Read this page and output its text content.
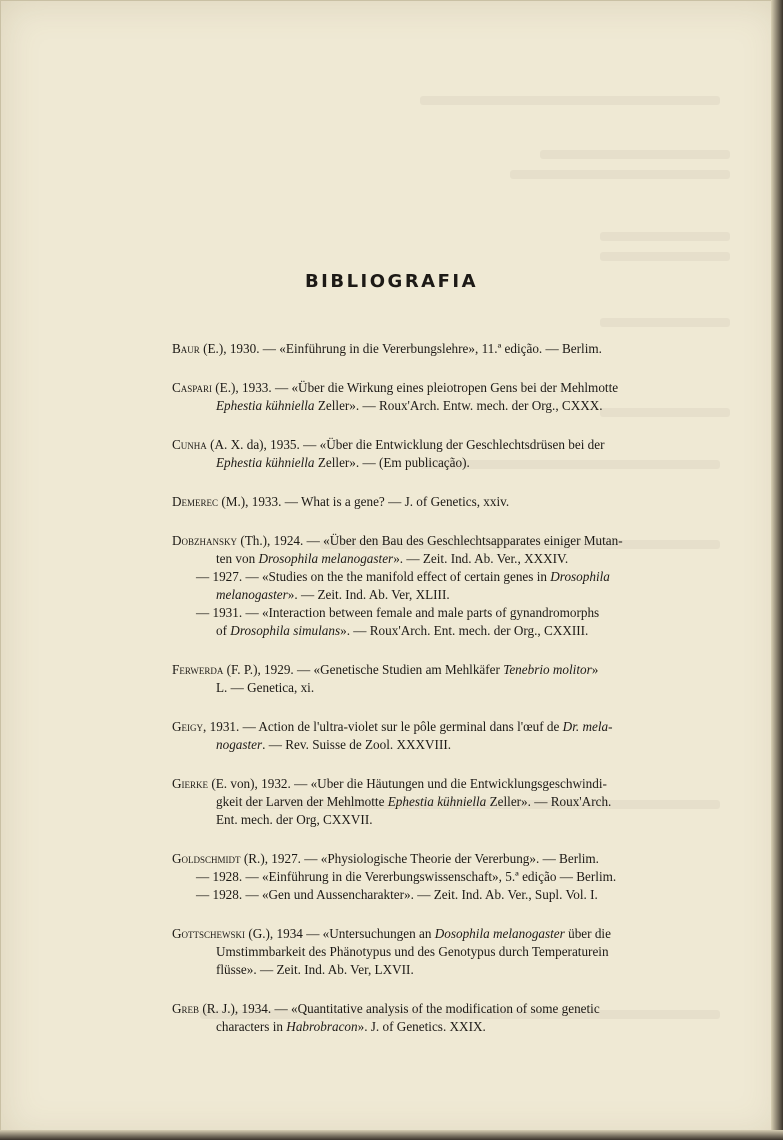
BIBLIOGRAFIA
Baur (E.), 1930. — «Einführung in die Vererbungslehre», 11.ª edição. — Berlim.
Caspari (E.), 1933. — «Über die Wirkung eines pleiotropen Gens bei der Mehlmotte
Ephestia kühniella Zeller». — Roux'Arch. Entw. mech. der Org., CXXX.
Cunha (A. X. da), 1935. — «Über die Entwicklung der Geschlechtsdrüsen bei der
Ephestia kühniella Zeller». — (Em publicação).
Demerec (M.), 1933. — What is a gene? — J. of Genetics, xxiv.
Dobzhansky (Th.), 1924. — «Über den Bau des Geschlechtsapparates einiger Mutan-
ten von Drosophila melanogaster». — Zeit. Ind. Ab. Ver., XXXIV.
— 1927. — «Studies on the the manifold effect of certain genes in Drosophila
melanogaster». — Zeit. Ind. Ab. Ver, XLIII.
— 1931. — «Interaction between female and male parts of gynandromorphs
of Drosophila simulans». — Roux'Arch. Ent. mech. der Org., CXXIII.
Ferwerda (F. P.), 1929. — «Genetische Studien am Mehlkäfer Tenebrio molitor»
L. — Genetica, xi.
Geigy, 1931. — Action de l'ultra-violet sur le pôle germinal dans l'œuf de Dr. mela-
nogaster. — Rev. Suisse de Zool. XXXVIII.
Gierke (E. von), 1932. — «Uber die Häutungen und die Entwicklungsgeschwindi-
gkeit der Larven der Mehlmotte Ephestia kühniella Zeller». — Roux'Arch.
Ent. mech. der Org, CXXVII.
Goldschmidt (R.), 1927. — «Physiologische Theorie der Vererbung». — Berlim.
— 1928. — «Einführung in die Vererbungswissenschaft», 5.ª edição — Berlim.
— 1928. — «Gen und Aussencharakter». — Zeit. Ind. Ab. Ver., Supl. Vol. I.
Gottschewski (G.), 1934 — «Untersuchungen an Dosophila melanogaster über die
Umstimmbarkeit des Phänotypus und des Genotypus durch Temperaturein
flüsse». — Zeit. Ind. Ab. Ver, LXVII.
Greb (R. J.), 1934. — «Quantitative analysis of the modification of some genetic
characters in Habrobracon». J. of Genetics. XXIX.
